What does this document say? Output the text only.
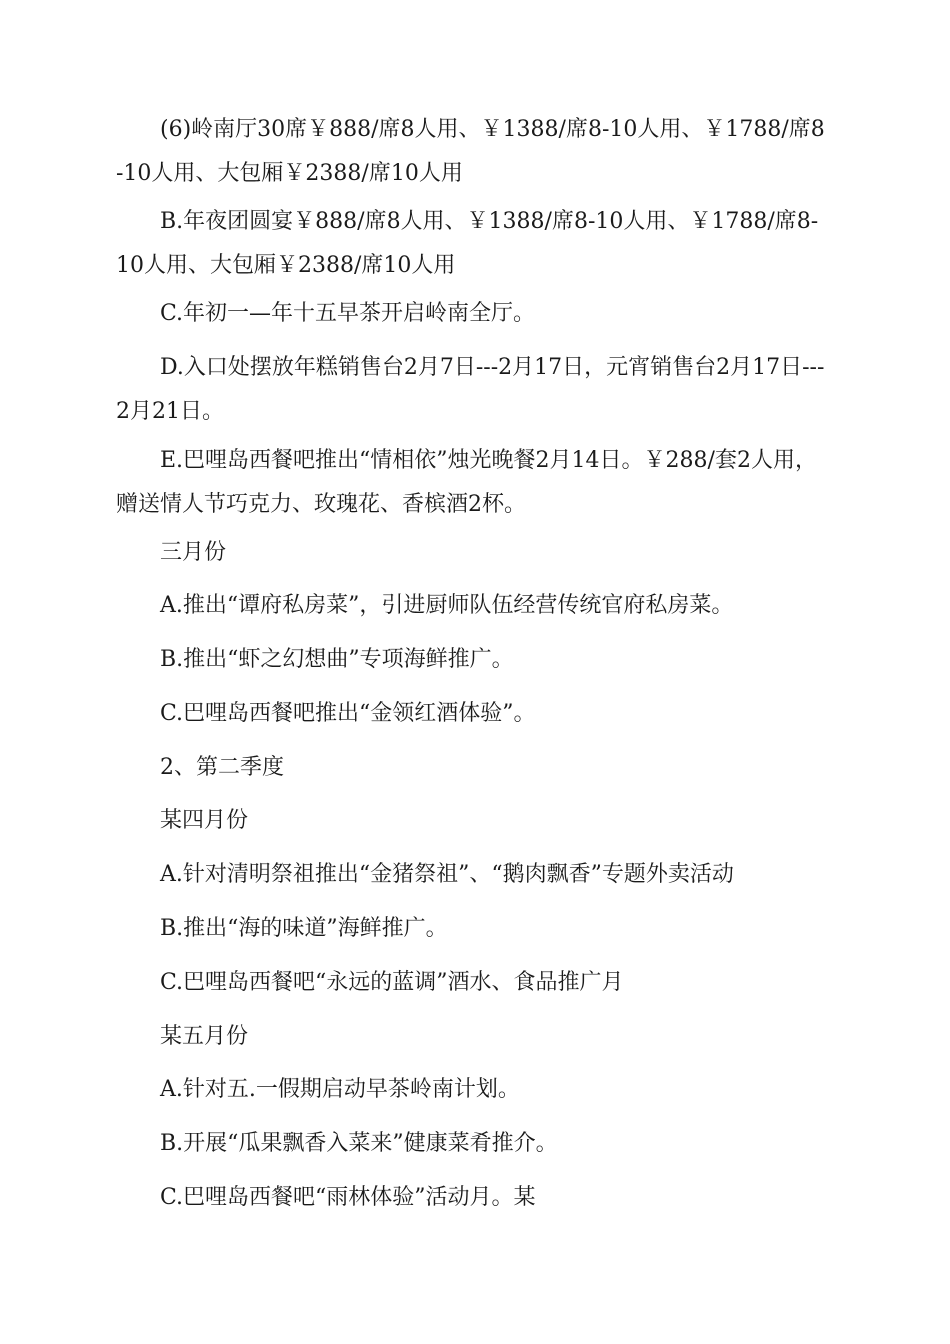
(6)岭南厅30席￥888/席8人用、￥1388/席8-10人用、￥1788/席8-10人用、大包厢￥2388/席10人用

B.年夜团圆宴￥888/席8人用、￥1388/席8-10人用、￥1788/席8-10人用、大包厢￥2388/席10人用

C.年初一—年十五早茶开启岭南全厅。

D.入口处摆放年糕销售台2月7日---2月17日，元宵销售台2月17日---2月21日。

E.巴哩岛西餐吧推出“情相依”烛光晚餐2月14日。￥288/套2人用，赠送情人节巧克力、玫瑰花、香槟酒2杯。

三月份

A.推出“谭府私房菜”，引进厨师队伍经营传统官府私房菜。

B.推出“虾之幻想曲”专项海鲜推广。

C.巴哩岛西餐吧推出“金领红酒体验”。

2、第二季度

某四月份

A.针对清明祭祖推出“金猪祭祖”、“鹅肉飘香”专题外卖活动

B.推出“海的味道”海鲜推广。

C.巴哩岛西餐吧“永远的蓝调”酒水、食品推广月

某五月份

A.针对五.一假期启动早茶岭南计划。

B.开展“瓜果飘香入菜来”健康菜肴推介。

C.巴哩岛西餐吧“雨林体验”活动月。某
